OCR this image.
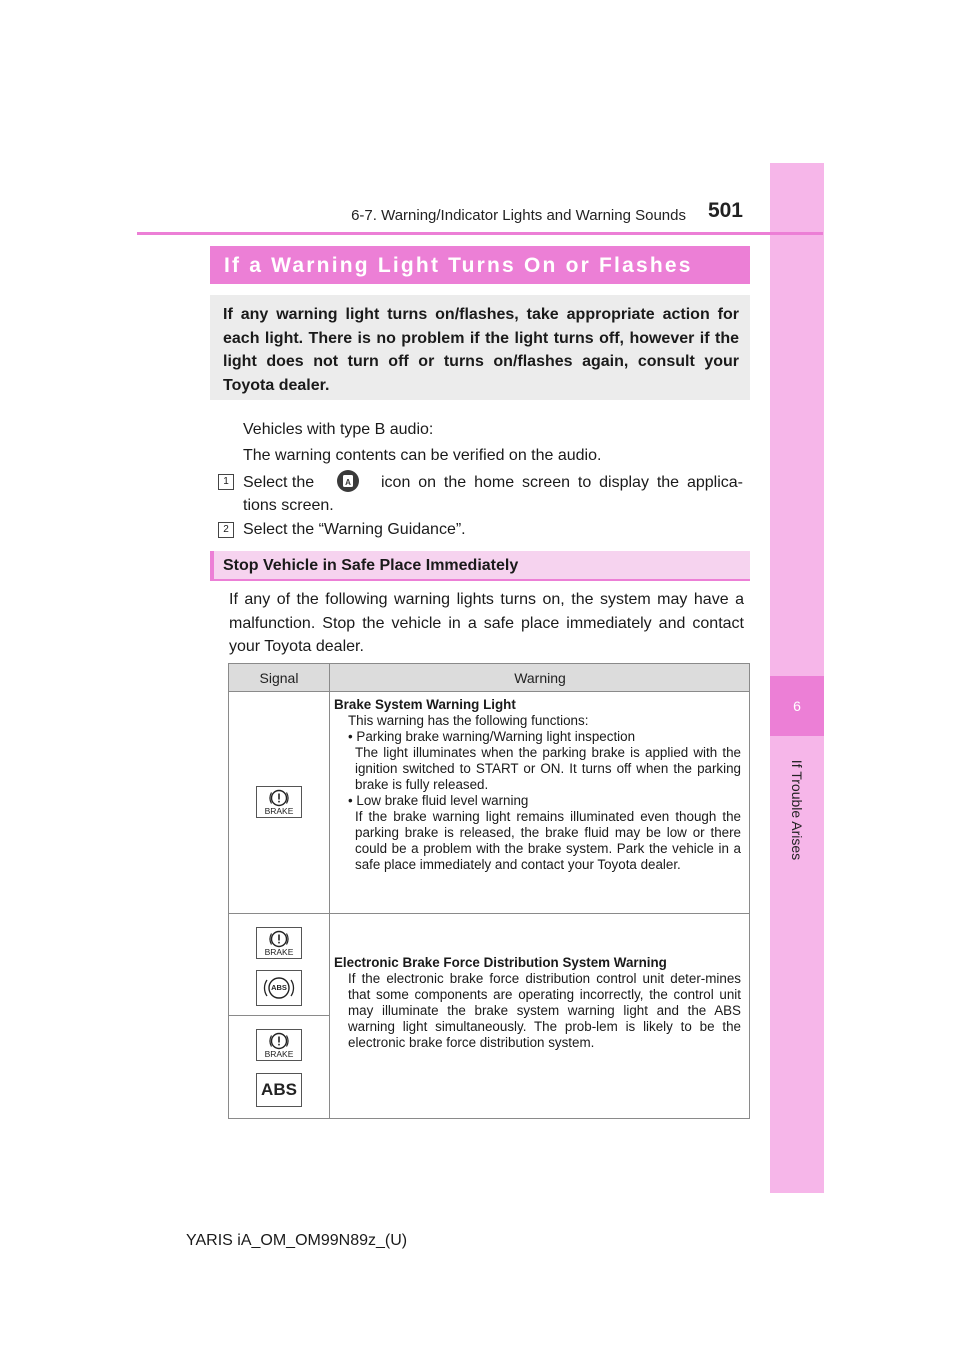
6
If Trouble Arises
6-7. Warning/Indicator Lights and Warning Sounds 501
If a Warning Light Turns On or Flashes

If any warning light turns on/flashes, take appropriate action for each light. There is no problem if the light turns off, however if the light does not turn off or turns on/flashes again, consult your Toyota dealer.

Vehicles with type B audio:
The warning contents can be verified on the audio.
1 Select the	A icon on the home screen to display the applica-
tions screen.
2 Select the “Warning Guidance”.
Stop Vehicle in Safe Place Immediately
If any of the following warning lights turns on, the system may have a malfunction. Stop the vehicle in a safe place immediately and contact your Toyota dealer.
Signal	Warning
BRAKE
Brake System Warning Light
This warning has the following functions:
• Parking brake warning/Warning light inspection
The light illuminates when the parking brake is applied with the ignition switched to START or ON. It turns off when the parking brake is fully released.
• Low brake fluid level warning
If the brake warning light remains illuminated even though the parking brake is released, the brake fluid may be low or there could be a problem with the brake system. Park the vehicle in a safe place immediately and contact your Toyota dealer.
BRAKE
ABS
BRAKE
ABS
Electronic Brake Force Distribution System Warning
If the electronic brake force distribution control unit deter-mines that some components are operating incorrectly, the control unit may illuminate the brake system warning light and the ABS warning light simultaneously. The prob-lem is likely to be the electronic brake force distribution system.
YARIS iA_OM_OM99N89z_(U)
